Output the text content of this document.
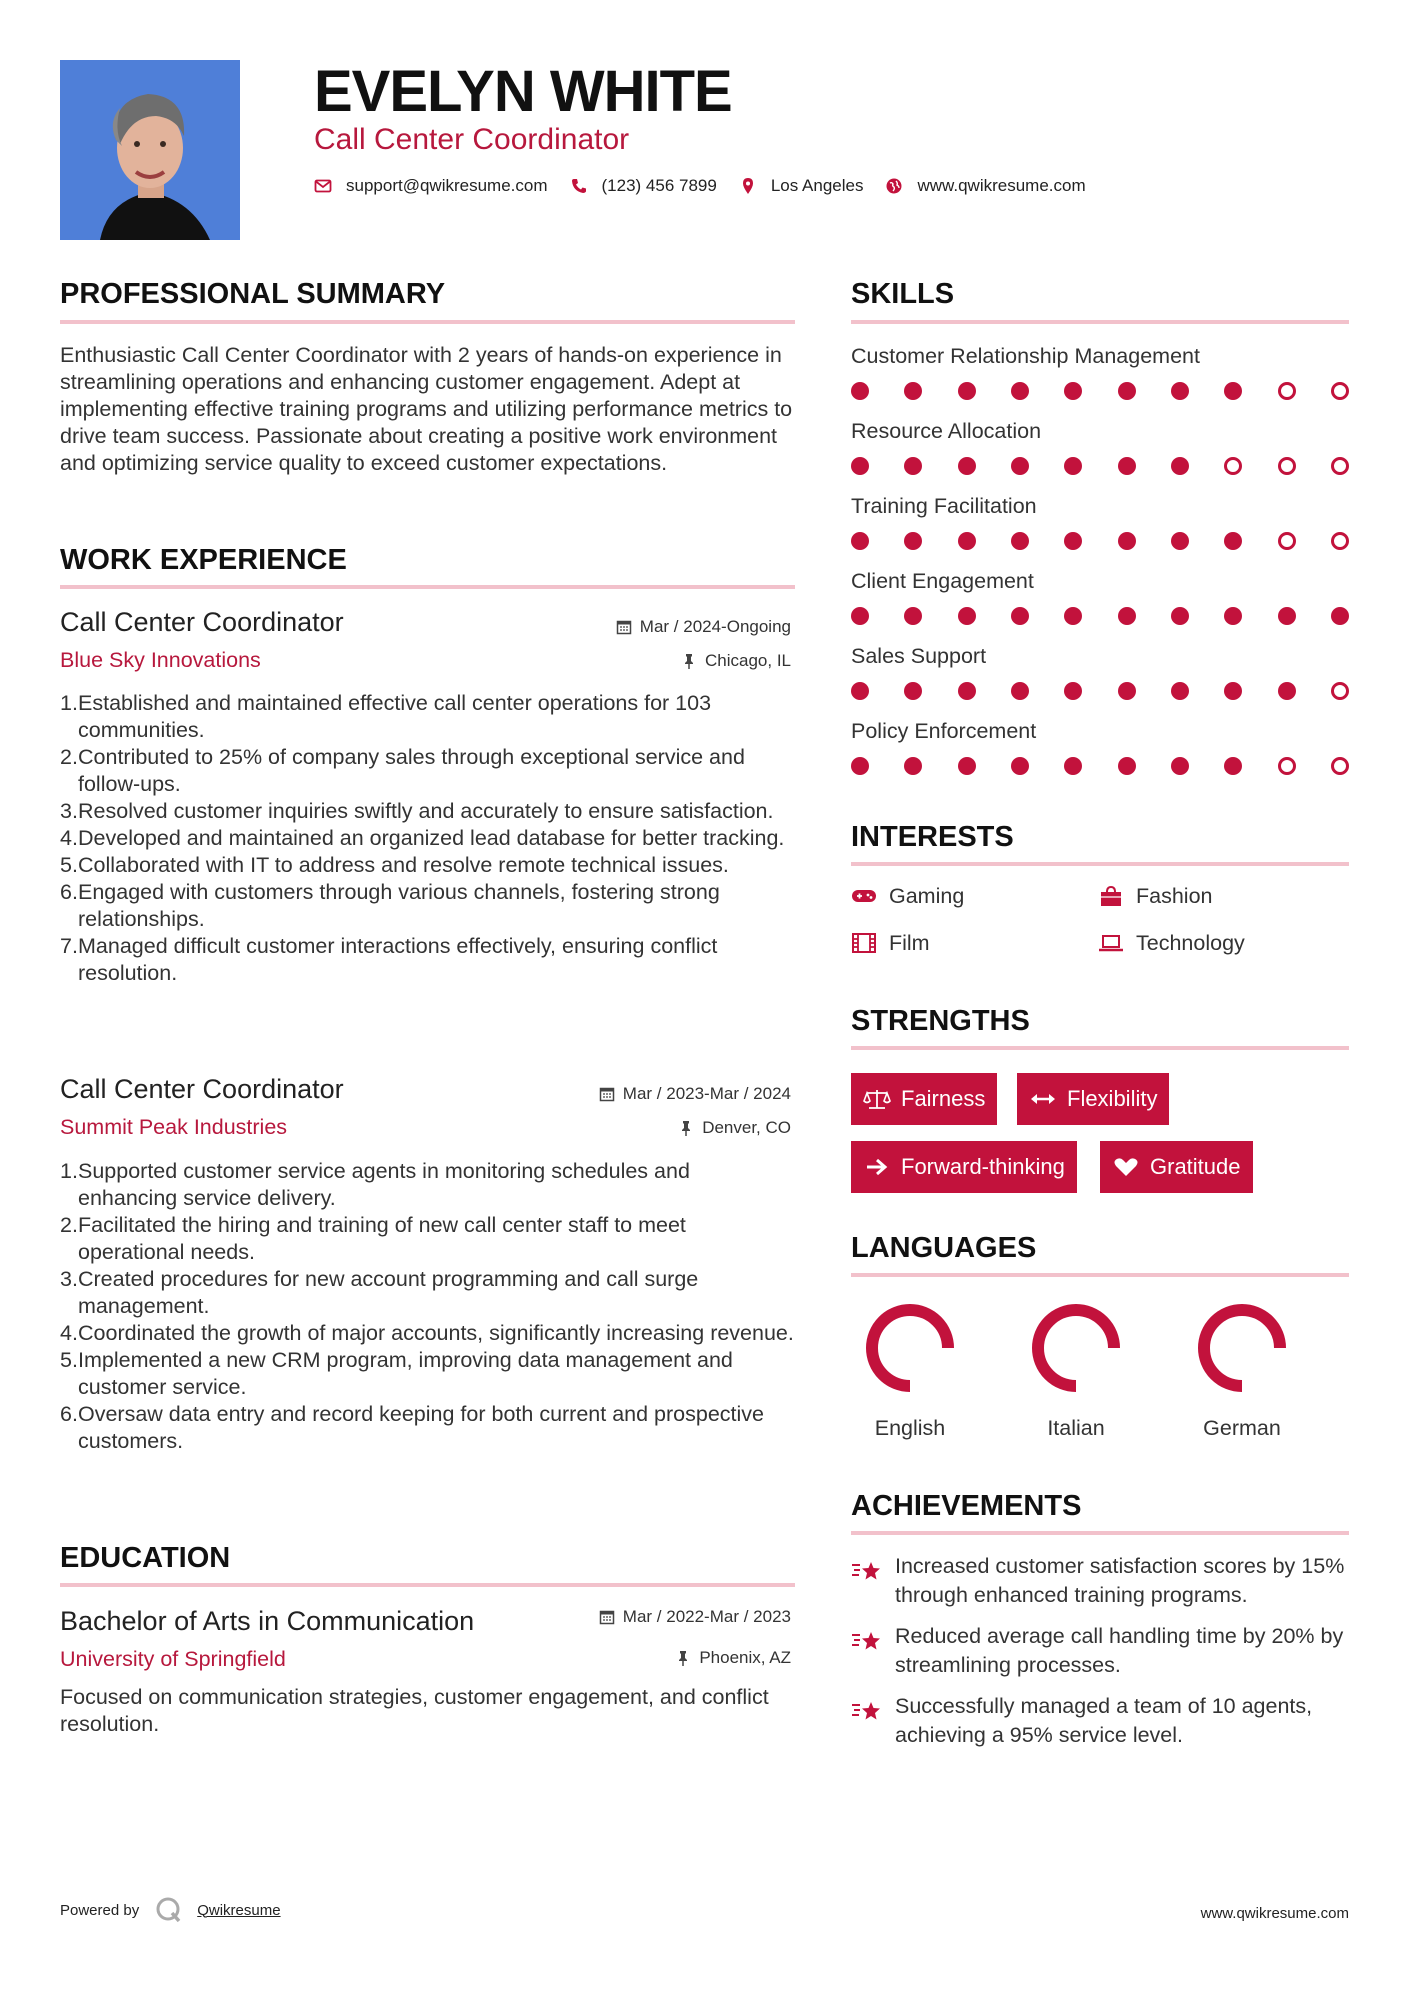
EVELYN WHITE
Call Center Coordinator
support@qwikresume.com	(123) 456 7899	Los Angeles	www.qwikresume.com
PROFESSIONAL SUMMARY
Enthusiastic Call Center Coordinator with 2 years of hands-on experience in streamlining operations and enhancing customer engagement. Adept at implementing effective training programs and utilizing performance metrics to drive team success. Passionate about creating a positive work environment and optimizing service quality to exceed customer expectations.
WORK EXPERIENCE
Call Center Coordinator	Mar / 2024-Ongoing
Blue Sky Innovations	Chicago, IL
1. Established and maintained effective call center operations for 103 communities.
2. Contributed to 25% of company sales through exceptional service and follow-ups.
3. Resolved customer inquiries swiftly and accurately to ensure satisfaction.
4. Developed and maintained an organized lead database for better tracking.
5. Collaborated with IT to address and resolve remote technical issues.
6. Engaged with customers through various channels, fostering strong relationships.
7. Managed difficult customer interactions effectively, ensuring conflict resolution.
Call Center Coordinator	Mar / 2023-Mar / 2024
Summit Peak Industries	Denver, CO
1. Supported customer service agents in monitoring schedules and enhancing service delivery.
2. Facilitated the hiring and training of new call center staff to meet operational needs.
3. Created procedures for new account programming and call surge management.
4. Coordinated the growth of major accounts, significantly increasing revenue.
5. Implemented a new CRM program, improving data management and customer service.
6. Oversaw data entry and record keeping for both current and prospective customers.
EDUCATION
Bachelor of Arts in Communication	Mar / 2022-Mar / 2023
University of Springfield	Phoenix, AZ
Focused on communication strategies, customer engagement, and conflict resolution.
SKILLS
Customer Relationship Management
Resource Allocation
Training Facilitation
Client Engagement
Sales Support
Policy Enforcement
INTERESTS
Gaming	Fashion
Film	Technology
STRENGTHS
Fairness	Flexibility
Forward-thinking	Gratitude
LANGUAGES
English	Italian	German
ACHIEVEMENTS
Increased customer satisfaction scores by 15% through enhanced training programs.
Reduced average call handling time by 20% by streamlining processes.
Successfully managed a team of 10 agents, achieving a 95% service level.
Powered by	Qwikresume	www.qwikresume.com
